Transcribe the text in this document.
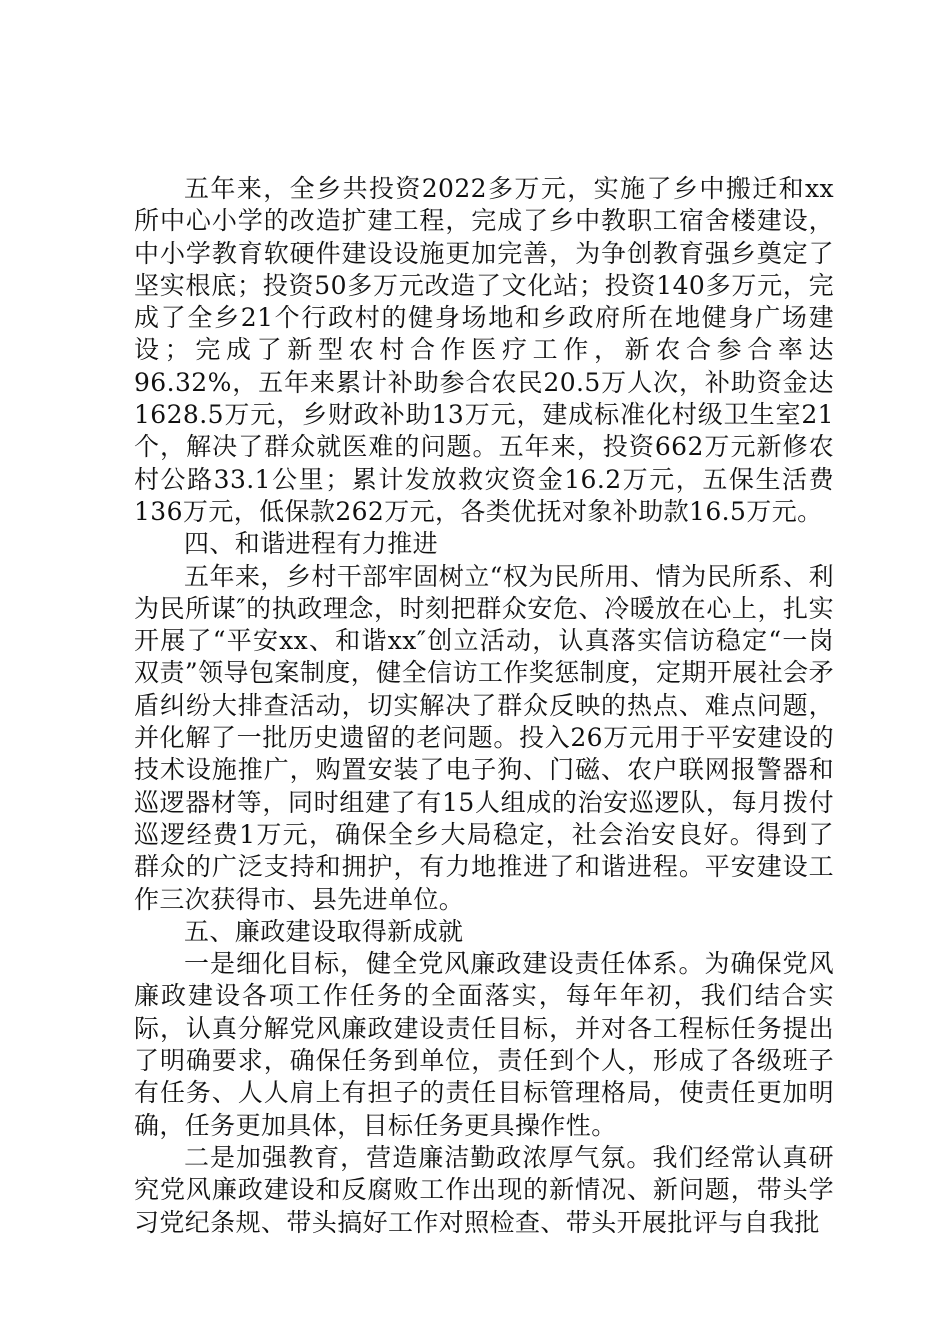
五年来，全乡共投资2022多万元，实施了乡中搬迁和xx所中心小学的改造扩建工程，完成了乡中教职工宿舍楼建设，中小学教育软硬件建设设施更加完善，为争创教育强乡奠定了坚实根底；投资50多万元改造了文化站；投资140多万元，完成了全乡21个行政村的健身场地和乡政府所在地健身广场建设；完成了新型农村合作医疗工作，新农合参合率达96.32%，五年来累计补助参合农民20.5万人次，补助资金达1628.5万元，乡财政补助13万元，建成标准化村级卫生室21个，解决了群众就医难的问题。五年来，投资662万元新修农村公路33.1公里；累计发放救灾资金16.2万元，五保生活费136万元，低保款262万元，各类优抚对象补助款16.5万元。

四、和谐进程有力推进

五年来，乡村干部牢固树立“权为民所用、情为民所系、利为民所谋″的执政理念，时刻把群众安危、冷暖放在心上，扎实开展了“平安xx、和谐xx″创立活动，认真落实信访稳定“一岗双责”领导包案制度，健全信访工作奖惩制度，定期开展社会矛盾纠纷大排查活动，切实解决了群众反映的热点、难点问题，并化解了一批历史遗留的老问题。投入26万元用于平安建设的技术设施推广，购置安装了电子狗、门磁、农户联网报警器和巡逻器材等，同时组建了有15人组成的治安巡逻队，每月拨付巡逻经费1万元，确保全乡大局稳定，社会治安良好。得到了群众的广泛支持和拥护，有力地推进了和谐进程。平安建设工作三次获得市、县先进单位。

五、廉政建设取得新成就

一是细化目标，健全党风廉政建设责任体系。为确保党风廉政建设各项工作任务的全面落实，每年年初，我们结合实际，认真分解党风廉政建设责任目标，并对各工程标任务提出了明确要求，确保任务到单位，责任到个人，形成了各级班子有任务、人人肩上有担子的责任目标管理格局，使责任更加明确，任务更加具体，目标任务更具操作性。

二是加强教育，营造廉洁勤政浓厚气氛。我们经常认真研究党风廉政建设和反腐败工作出现的新情况、新问题，带头学习党纪条规、带头搞好工作对照检查、带头开展批评与自我批
